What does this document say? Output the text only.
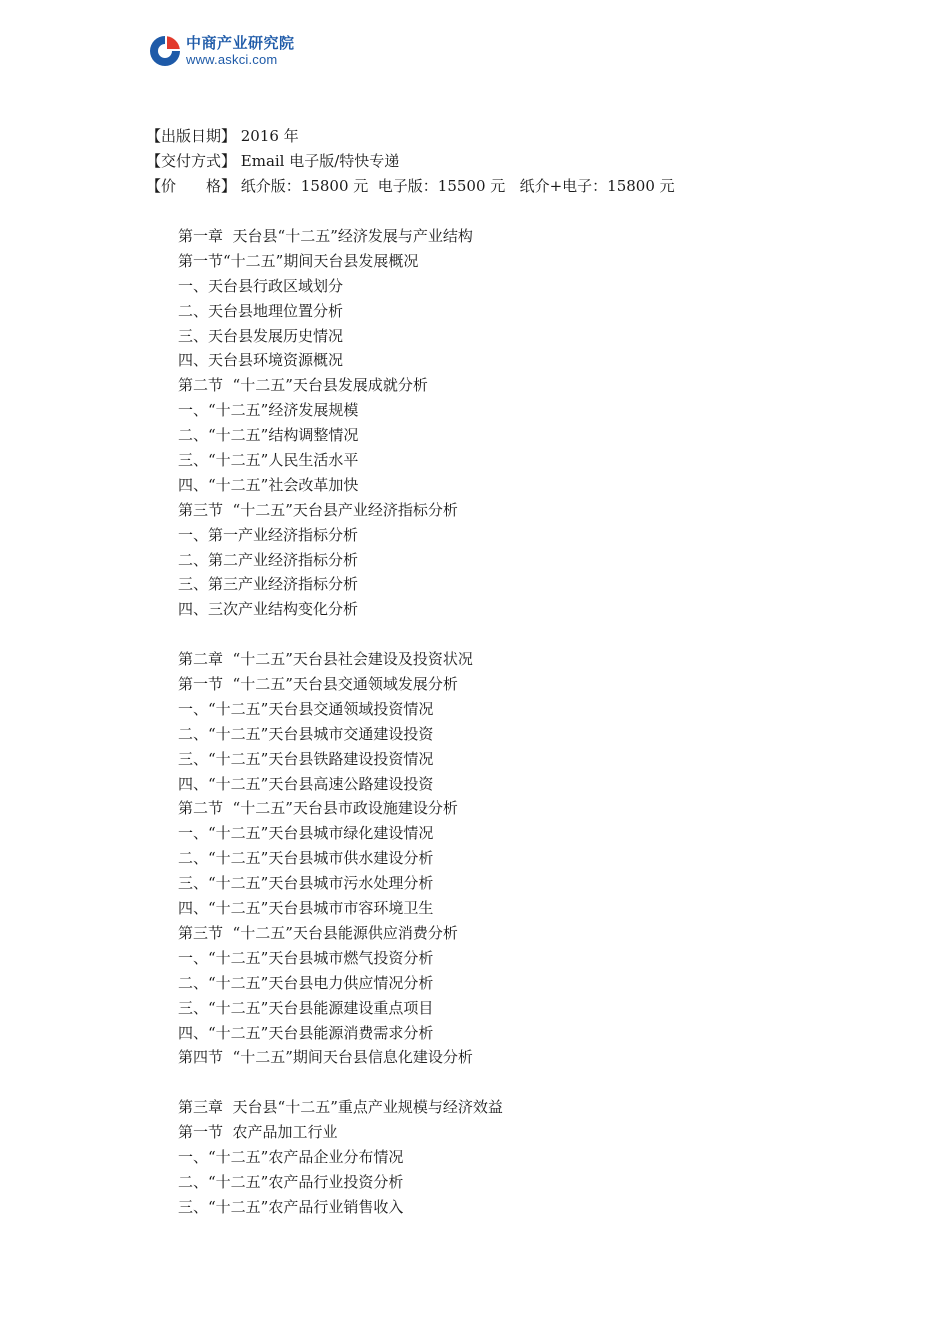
中商产业研究院
www.askci.com
【出版日期】 2016 年
【交付方式】 Email 电子版/特快专递
【价　　格】 纸介版：15800 元  电子版：15500 元   纸介+电子：15800 元
第一章  天台县“十二五”经济发展与产业结构
第一节“十二五”期间天台县发展概况
一、天台县行政区域划分
二、天台县地理位置分析
三、天台县发展历史情况
四、天台县环境资源概况
第二节  “十二五”天台县发展成就分析
一、“十二五”经济发展规模
二、“十二五”结构调整情况
三、“十二五”人民生活水平
四、“十二五”社会改革加快
第三节  “十二五”天台县产业经济指标分析
一、第一产业经济指标分析
二、第二产业经济指标分析
三、第三产业经济指标分析
四、三次产业结构变化分析
第二章  “十二五”天台县社会建设及投资状况
第一节  “十二五”天台县交通领域发展分析
一、“十二五”天台县交通领域投资情况
二、“十二五”天台县城市交通建设投资
三、“十二五”天台县铁路建设投资情况
四、“十二五”天台县高速公路建设投资
第二节  “十二五”天台县市政设施建设分析
一、“十二五”天台县城市绿化建设情况
二、“十二五”天台县城市供水建设分析
三、“十二五”天台县城市污水处理分析
四、“十二五”天台县城市市容环境卫生
第三节  “十二五”天台县能源供应消费分析
一、“十二五”天台县城市燃气投资分析
二、“十二五”天台县电力供应情况分析
三、“十二五”天台县能源建设重点项目
四、“十二五”天台县能源消费需求分析
第四节  “十二五”期间天台县信息化建设分析
第三章  天台县“十二五”重点产业规模与经济效益
第一节  农产品加工行业
一、“十二五”农产品企业分布情况
二、“十二五”农产品行业投资分析
三、“十二五”农产品行业销售收入
